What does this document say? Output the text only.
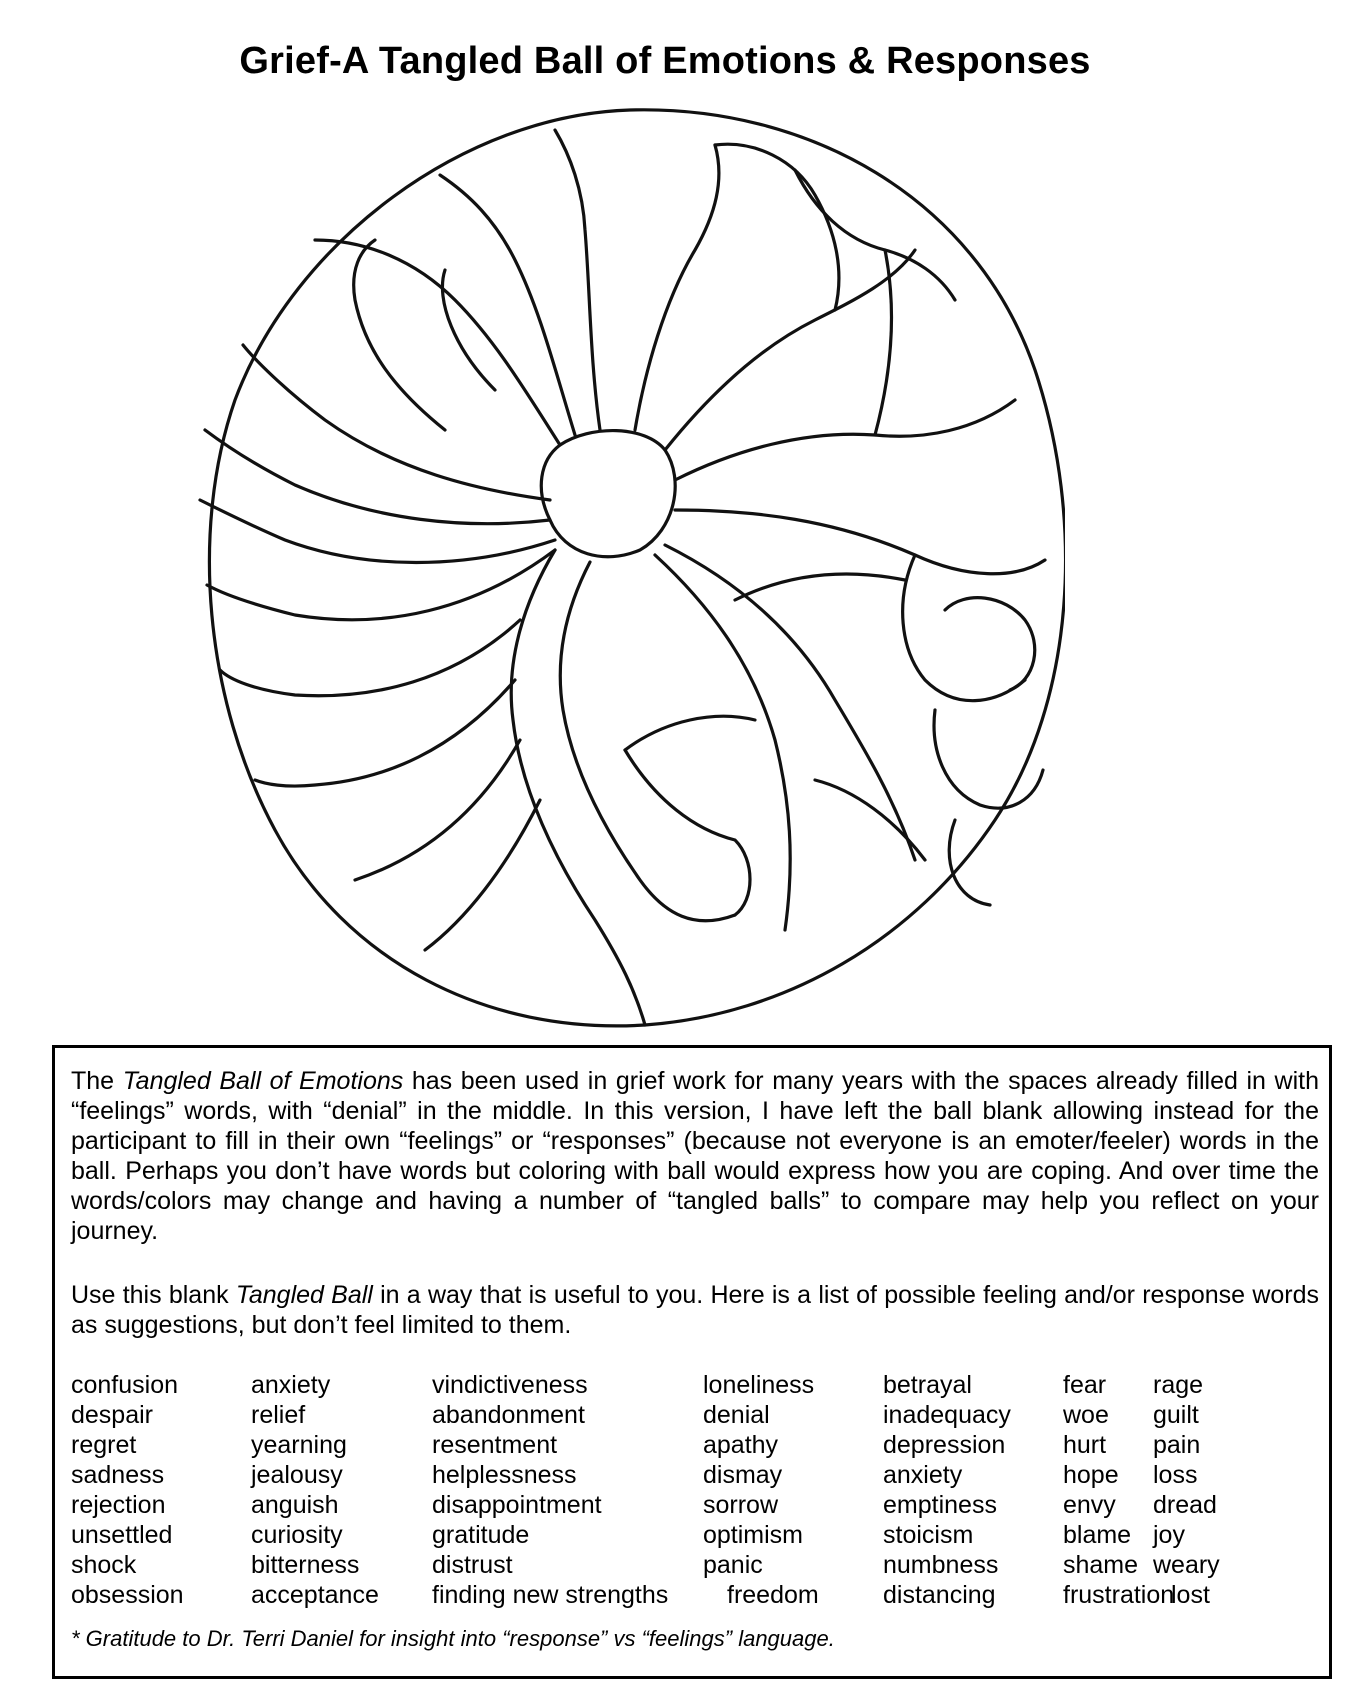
Grief-A Tangled Ball of Emotions & Responses

The Tangled Ball of Emotions has been used in grief work for many years with the spaces already filled in with “feelings” words, with “denial” in the middle. In this version, I have left the ball blank allowing instead for the participant to fill in their own “feelings” or “responses” (because not everyone is an emoter/feeler) words in the ball. Perhaps you don’t have words but coloring with ball would express how you are coping. And over time the words/colors may change and having a number of “tangled balls” to compare may help you reflect on your journey.

Use this blank Tangled Ball in a way that is useful to you. Here is a list of possible feeling and/or response words as suggestions, but don’t feel limited to them.

confusion
despair
regret
sadness
rejection
unsettled
shock
obsession
anxiety
relief
yearning
jealousy
anguish
curiosity
bitterness
acceptance
vindictiveness
abandonment
resentment
helplessness
disappointment
gratitude
distrust
finding new strengths
loneliness
denial
apathy
dismay
sorrow
optimism
panic
freedom
betrayal
inadequacy
depression
anxiety
emptiness
stoicism
numbness
distancing
fear
woe
hurt
hope
envy
blame
shame
frustration
rage
guilt
pain
loss
dread
joy
weary
lost
* Gratitude to Dr. Terri Daniel for insight into “response” vs “feelings” language.
